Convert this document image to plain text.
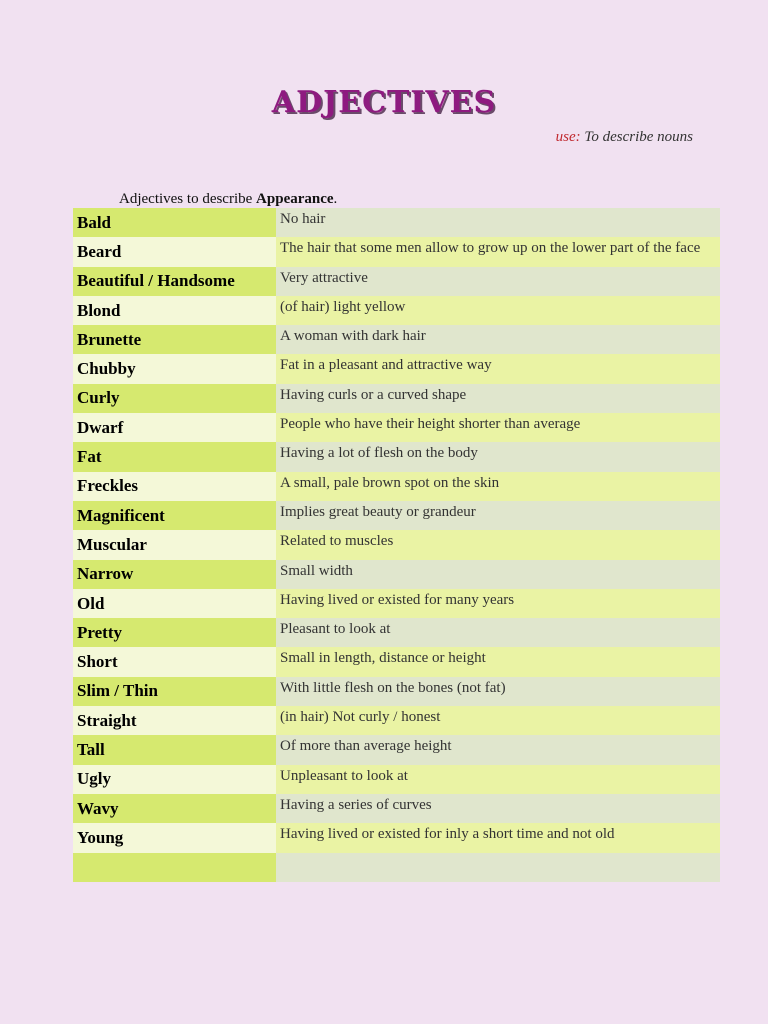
ADJECTIVES
use: To describe nouns
Adjectives to describe Appearance.
Bald	No hair
Beard	The hair that some men allow to grow up on the lower part of the face
Beautiful / Handsome	Very attractive
Blond	(of hair) light yellow
Brunette	A woman with dark hair
Chubby	Fat in a pleasant and attractive way
Curly	Having curls or a curved shape
Dwarf	People who have their height shorter than average
Fat	Having a lot of flesh on the body
Freckles	A small, pale brown spot on the skin
Magnificent	Implies great beauty or grandeur
Muscular	Related to muscles
Narrow	Small width
Old	Having lived or existed for many years
Pretty	Pleasant to look at
Short	Small in length, distance or height
Slim / Thin	With little flesh on the bones (not fat)
Straight	(in hair) Not curly / honest
Tall	Of more than average height
Ugly	Unpleasant to look at
Wavy	Having a series of curves
Young	Having lived or existed for inly a short time and not old
